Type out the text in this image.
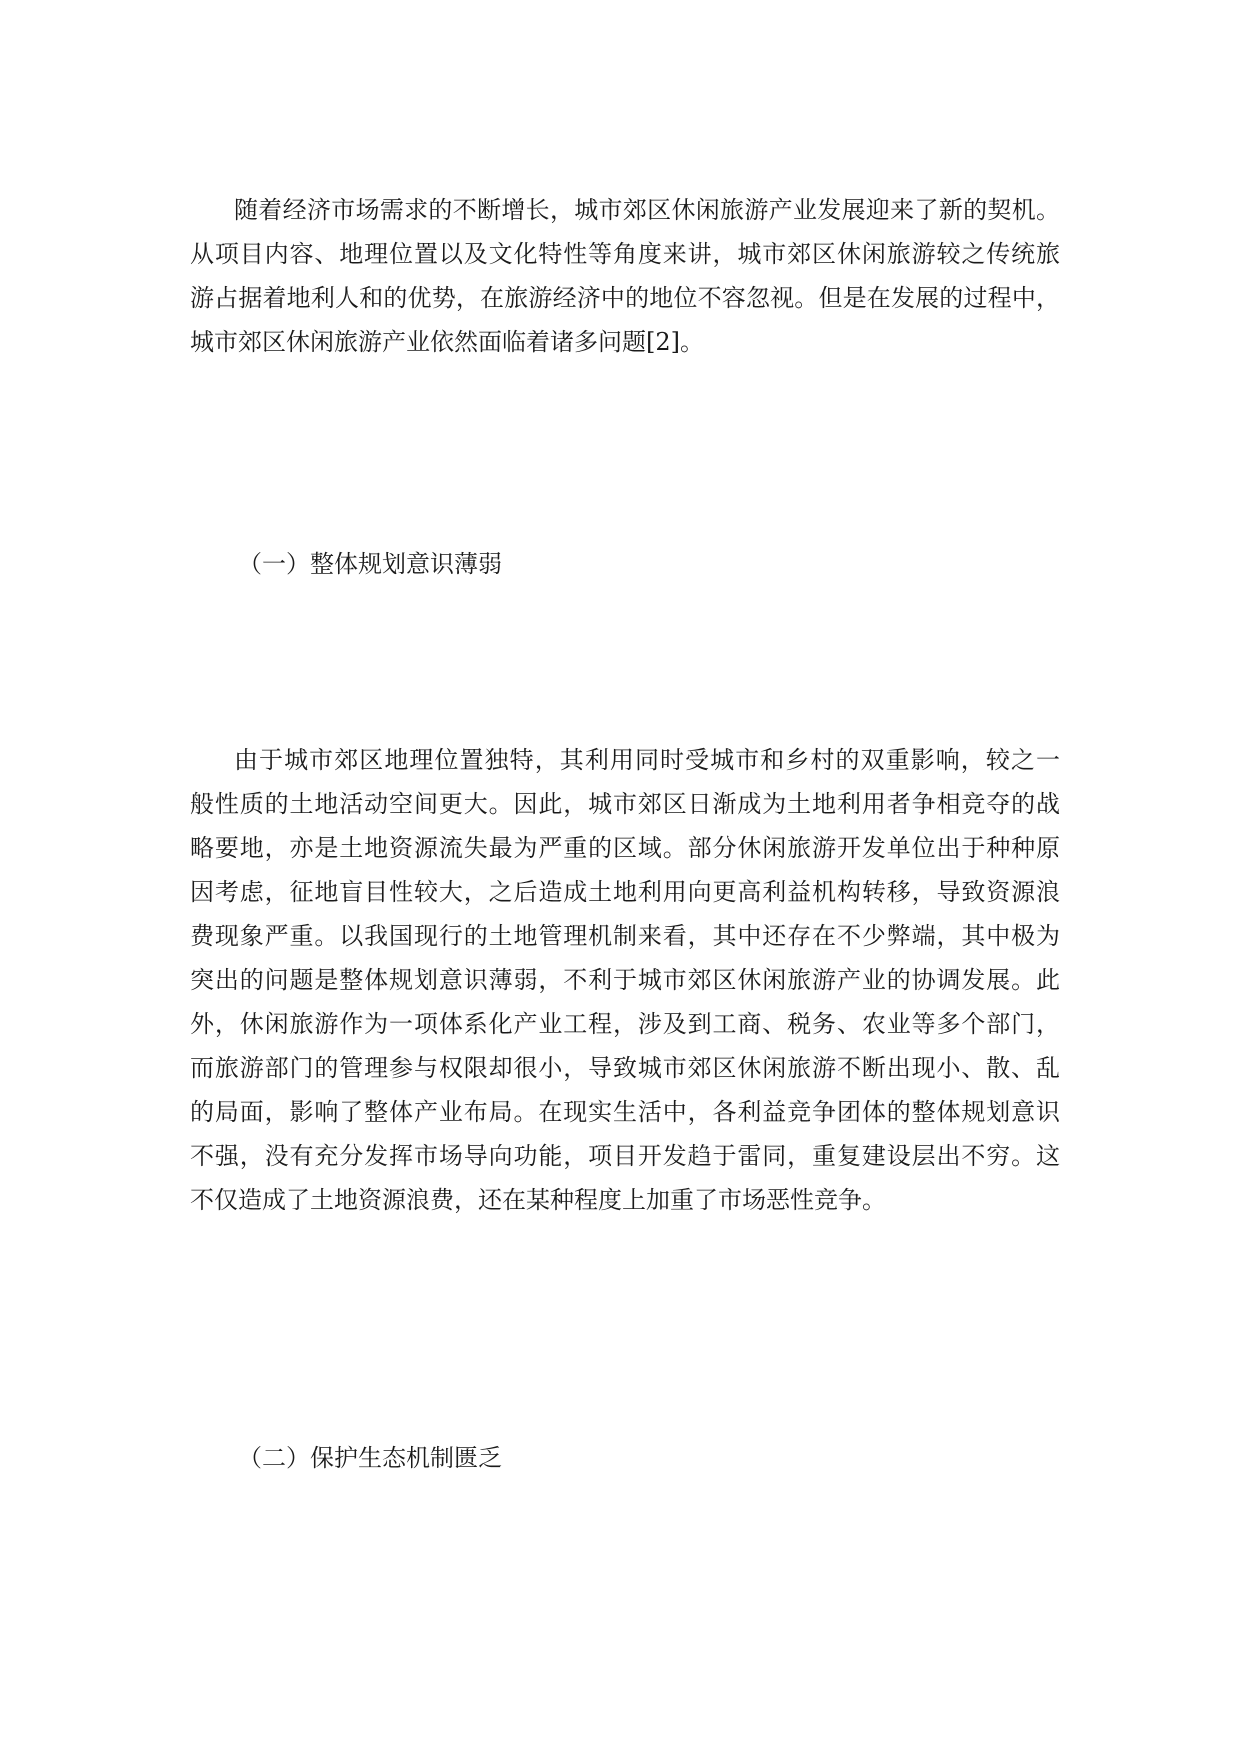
随着经济市场需求的不断增长，城市郊区休闲旅游产业发展迎来了新的契机。
从项目内容、地理位置以及文化特性等角度来讲，城市郊区休闲旅游较之传统旅
游占据着地利人和的优势，在旅游经济中的地位不容忽视。但是在发展的过程中，
城市郊区休闲旅游产业依然面临着诸多问题[2]。

（一）整体规划意识薄弱

由于城市郊区地理位置独特，其利用同时受城市和乡村的双重影响，较之一
般性质的土地活动空间更大。因此，城市郊区日渐成为土地利用者争相竞夺的战
略要地，亦是土地资源流失最为严重的区域。部分休闲旅游开发单位出于种种原
因考虑，征地盲目性较大，之后造成土地利用向更高利益机构转移，导致资源浪
费现象严重。以我国现行的土地管理机制来看，其中还存在不少弊端，其中极为
突出的问题是整体规划意识薄弱，不利于城市郊区休闲旅游产业的协调发展。此
外，休闲旅游作为一项体系化产业工程，涉及到工商、税务、农业等多个部门，
而旅游部门的管理参与权限却很小，导致城市郊区休闲旅游不断出现小、散、乱
的局面，影响了整体产业布局。在现实生活中，各利益竞争团体的整体规划意识
不强，没有充分发挥市场导向功能，项目开发趋于雷同，重复建设层出不穷。这
不仅造成了土地资源浪费，还在某种程度上加重了市场恶性竞争。

（二）保护生态机制匮乏
